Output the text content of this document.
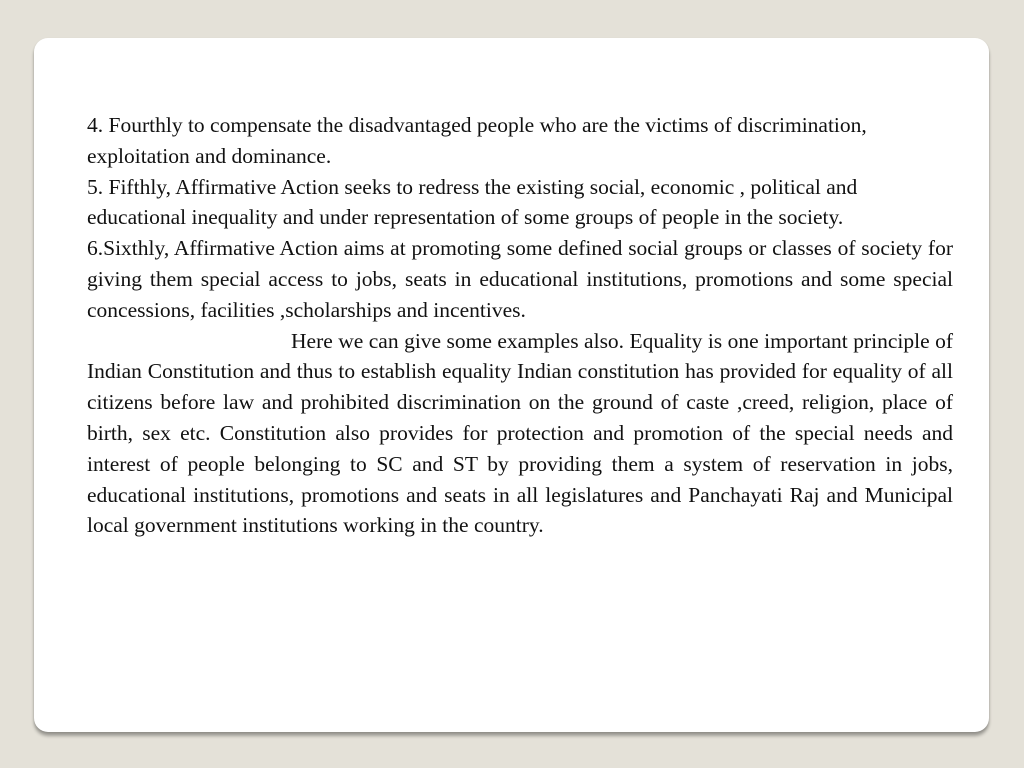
4. Fourthly to compensate the disadvantaged people who are the victims of discrimination, exploitation and dominance.

5. Fifthly, Affirmative Action seeks to redress the existing social, economic , political and educational inequality and under representation of some groups of people in the society.

6.Sixthly, Affirmative Action aims at promoting some defined social groups or classes of society for giving them special access to jobs, seats in educational institutions, promotions and some special concessions, facilities ,scholarships and incentives.

Here we can give some examples also. Equality is one important principle of Indian Constitution and thus to establish equality Indian constitution has provided for equality of all citizens before law and prohibited discrimination on the ground of caste ,creed, religion, place of birth, sex etc. Constitution also provides for protection and promotion of the special needs and interest of people belonging to SC and ST by providing them a system of reservation in jobs, educational institutions, promotions and seats in all legislatures and Panchayati Raj and Municipal local government institutions working in the country.
